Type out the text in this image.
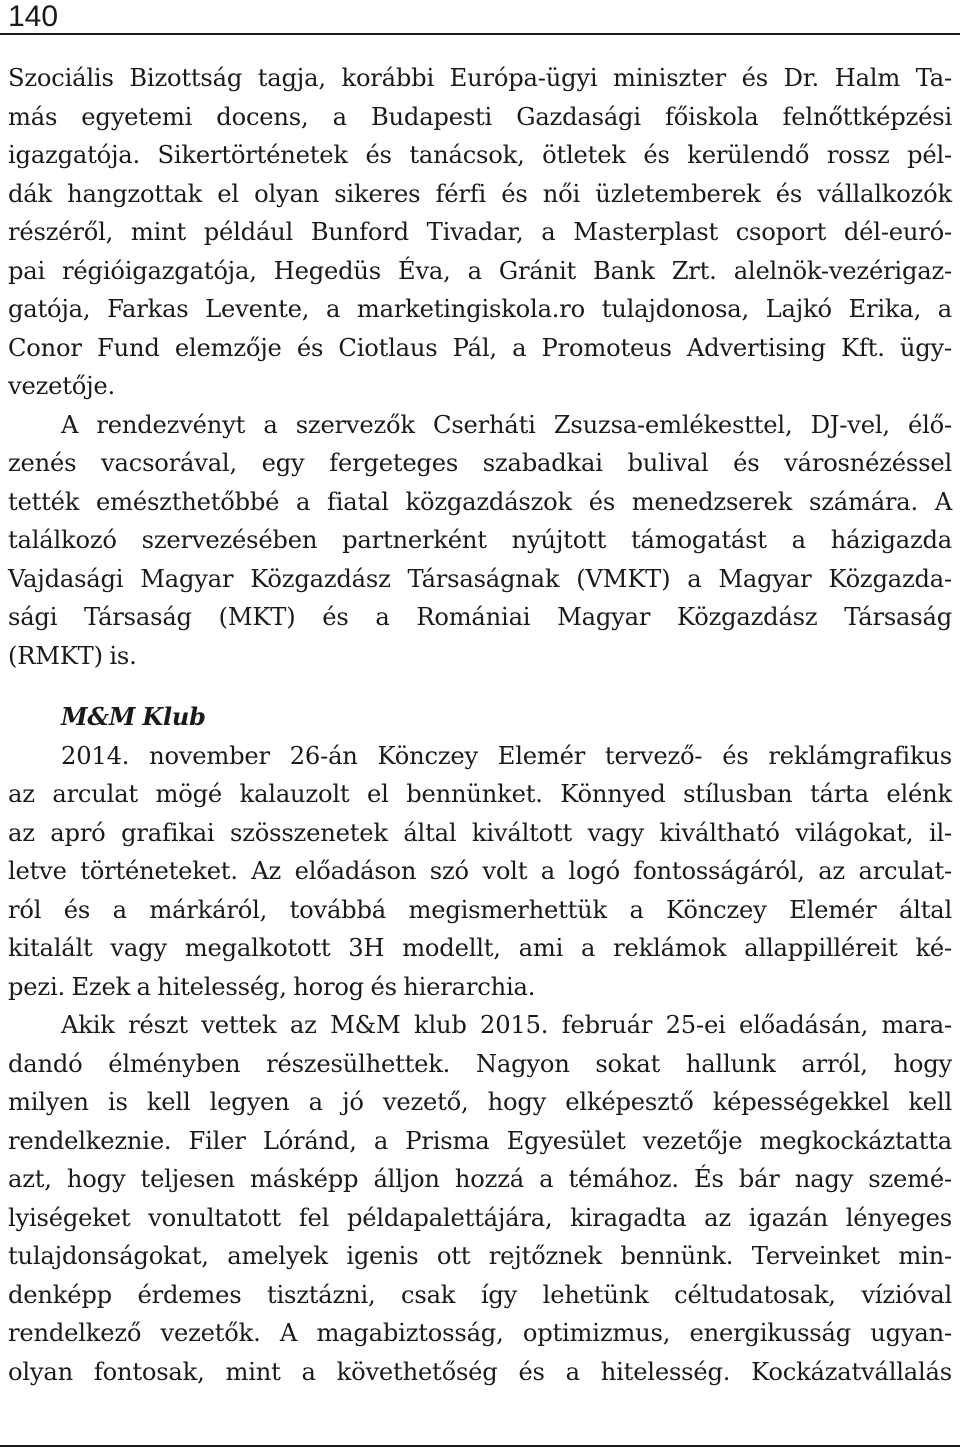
140
Szociális Bizottság tagja, korábbi Európa-ügyi miniszter és Dr. Halm Ta-
más egyetemi docens, a Budapesti Gazdasági főiskola felnőttképzési
igazgatója. Sikertörténetek és tanácsok, ötletek és kerülendő rossz pél-
dák hangzottak el olyan sikeres férfi és női üzletemberek és vállalkozók
részéről, mint például Bunford Tivadar, a Masterplast csoport dél-euró-
pai régióigazgatója, Hegedüs Éva, a Gránit Bank Zrt. alelnök-vezérigaz-
gatója, Farkas Levente, a marketingiskola.ro tulajdonosa, Lajkó Erika, a
Conor Fund elemzője és Ciotlaus Pál, a Promoteus Advertising Kft. ügy-
vezetője.
A rendezvényt a szervezők Cserháti Zsuzsa-emlékesttel, DJ-vel, élő-
zenés vacsorával, egy fergeteges szabadkai bulival és városnézéssel
tették emészthetőbbé a fiatal közgazdászok és menedzserek számára. A
találkozó szervezésében partnerként nyújtott támogatást a házigazda
Vajdasági Magyar Közgazdász Társaságnak (VMKT) a Magyar Közgazda-
sági Társaság (MKT) és a Romániai Magyar Közgazdász Társaság
(RMKT) is.
M&M Klub
2014. november 26-án Könczey Elemér tervező- és reklámgrafikus
az arculat mögé kalauzolt el bennünket. Könnyed stílusban tárta elénk
az apró grafikai szösszenetek által kiváltott vagy kiváltható világokat, il-
letve történeteket. Az előadáson szó volt a logó fontosságáról, az arculat-
ról és a márkáról, továbbá megismerhettük a Könczey Elemér által
kitalált vagy megalkotott 3H modellt, ami a reklámok allappilléreit ké-
pezi. Ezek a hitelesség, horog és hierarchia.
Akik részt vettek az M&M klub 2015. február 25-ei előadásán, mara-
dandó élményben részesülhettek. Nagyon sokat hallunk arról, hogy
milyen is kell legyen a jó vezető, hogy elképesztő képességekkel kell
rendelkeznie. Filer Lóránd, a Prisma Egyesület vezetője megkockáztatta
azt, hogy teljesen másképp álljon hozzá a témához. És bár nagy szemé-
lyiségeket vonultatott fel példapalettájára, kiragadta az igazán lényeges
tulajdonságokat, amelyek igenis ott rejtőznek bennünk. Terveinket min-
denképp érdemes tisztázni, csak így lehetünk céltudatosak, vízióval
rendelkező vezetők. A magabiztosság, optimizmus, energikusság ugyan-
olyan fontosak, mint a követhetőség és a hitelesség. Kockázatvállalás
